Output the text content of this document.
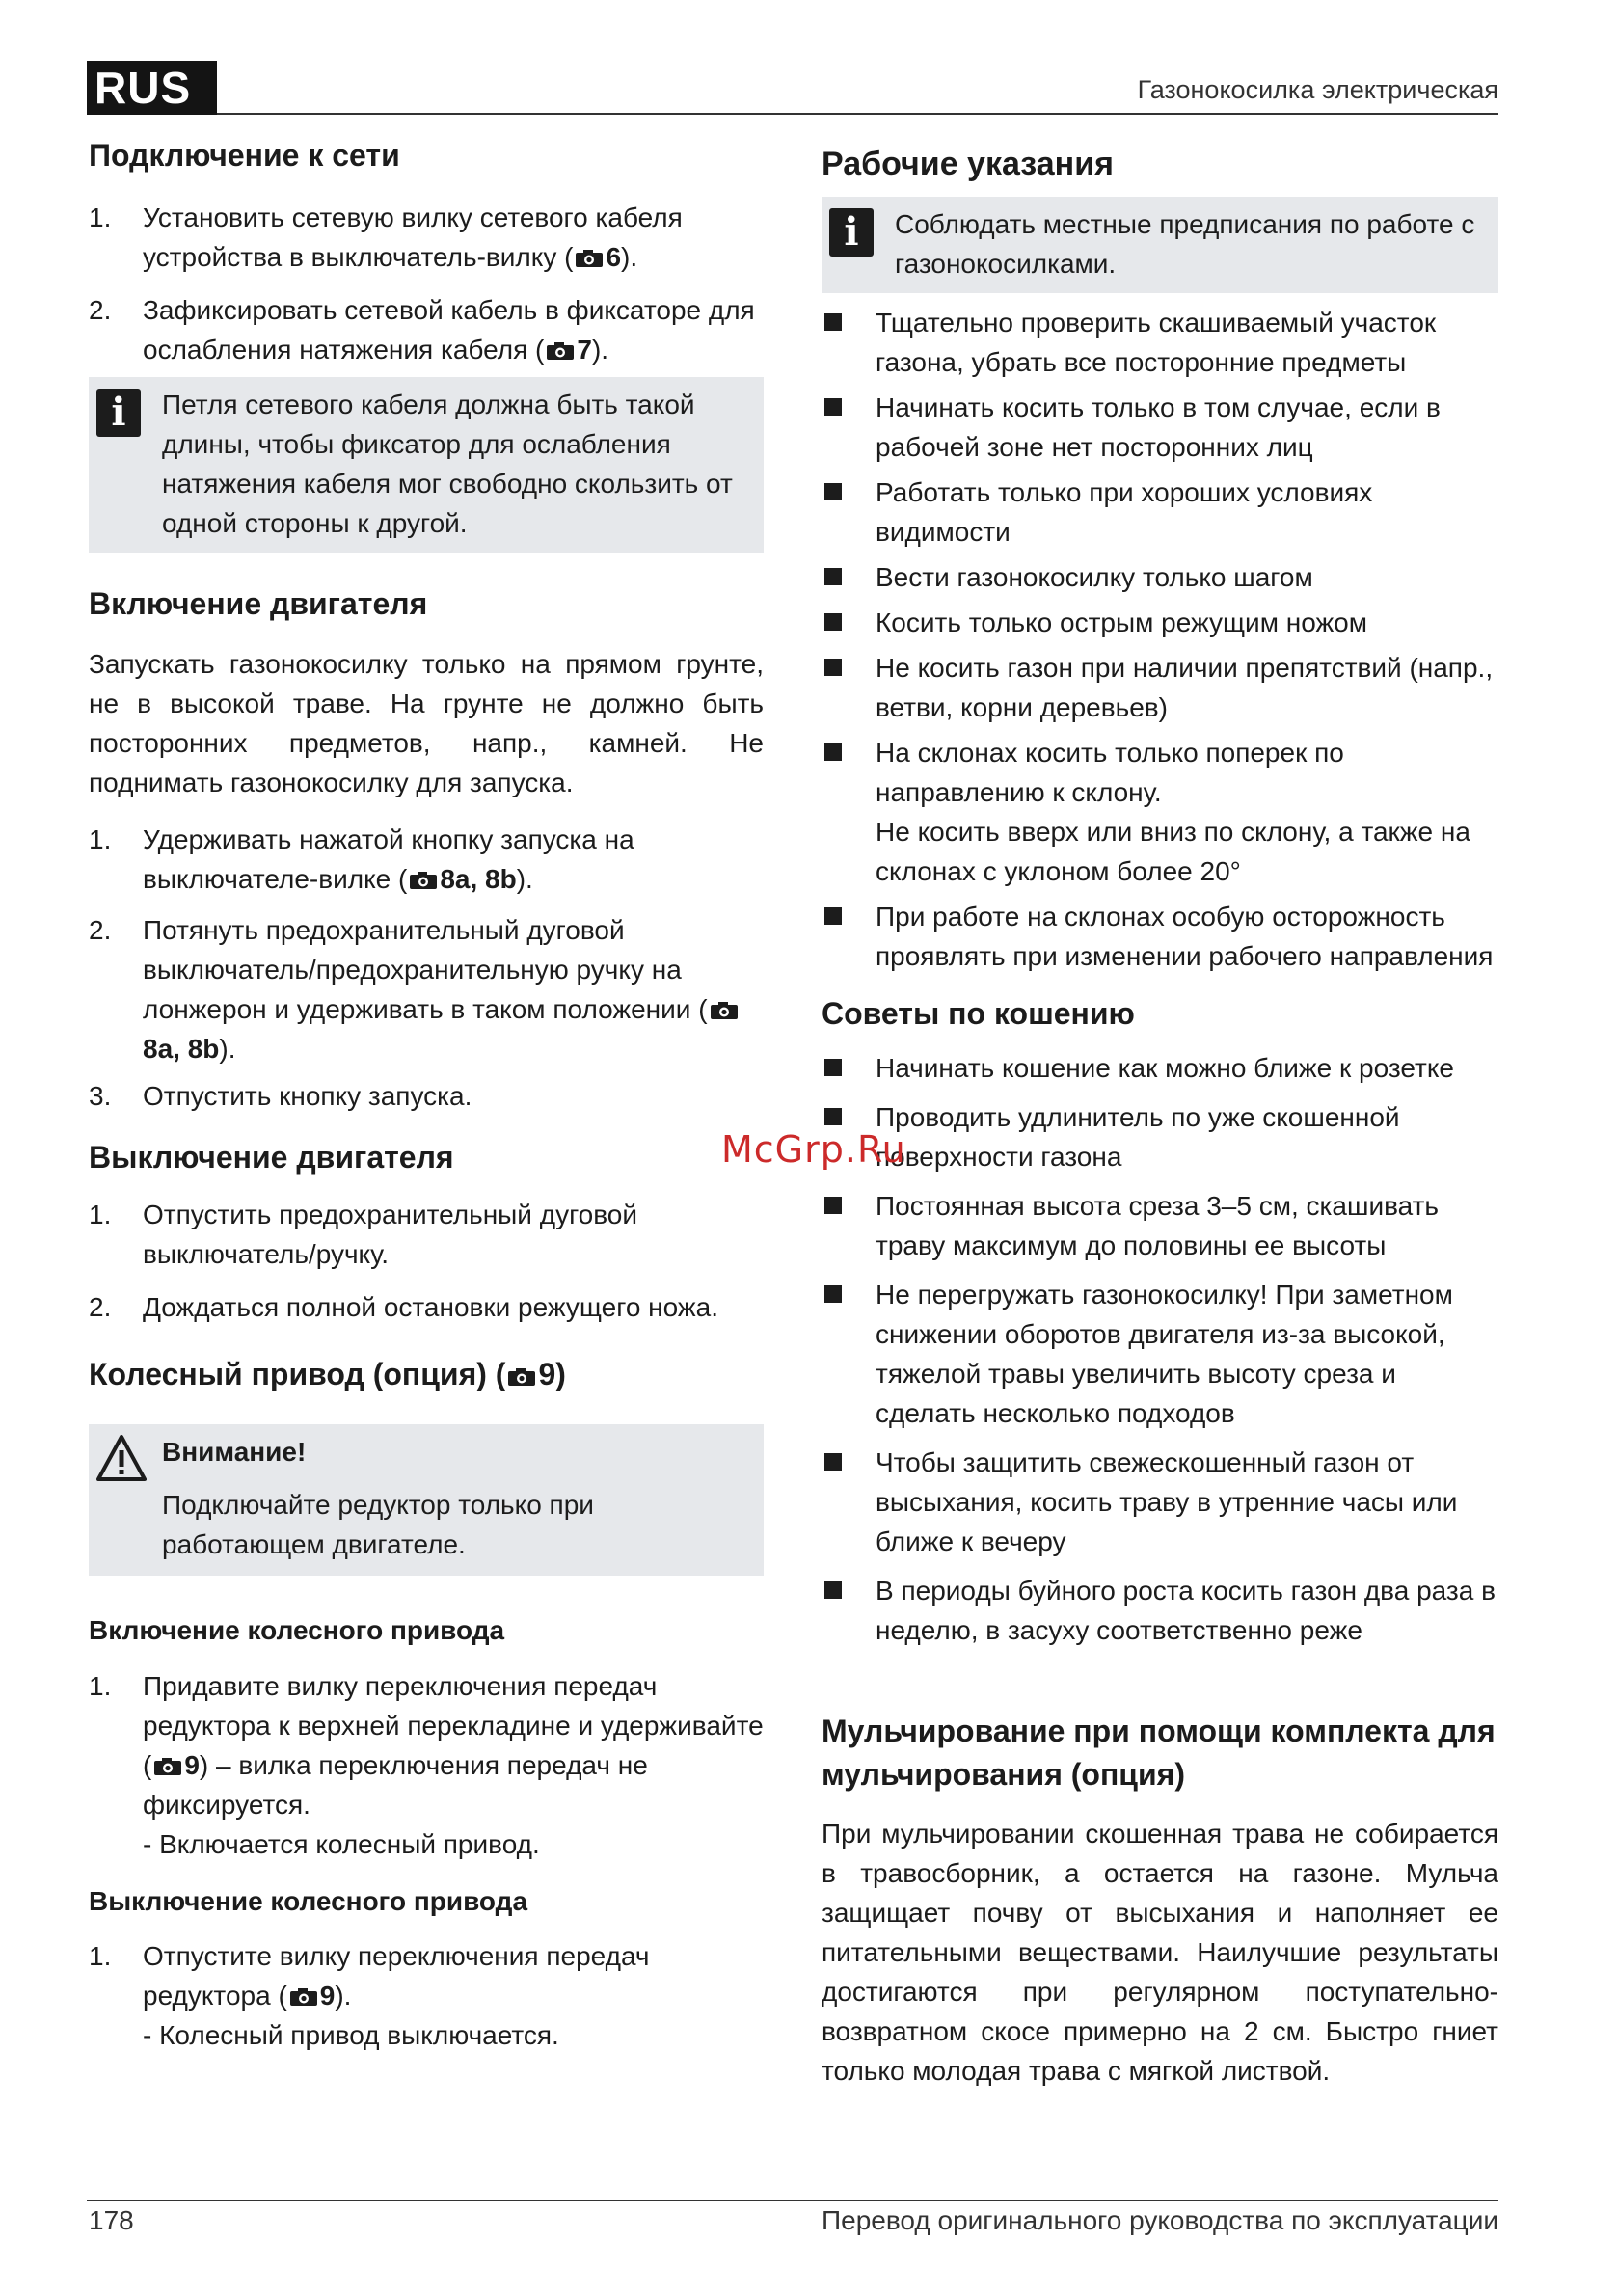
RUS	Газонокосилка электрическая
Подключение к сети
1. Установить сетевую вилку сетевого кабеля устройства в выключатель-вилку ( 6).
2. Зафиксировать сетевой кабель в фиксаторе для ослабления натяжения кабеля ( 7).
i	Петля сетевого кабеля должна быть такой длины, чтобы фиксатор для ослабления натяжения кабеля мог свободно скользить от одной стороны к другой.
Включение двигателя

Запускать газонокосилку только на прямом грунте, не в высокой траве. На грунте не должно быть посторонних предметов, напр., камней. Не поднимать газонокосилку для запуска.

1. Удерживать нажатой кнопку запуска на выключателе-вилке ( 8a, 8b).
2. Потянуть предохранительный дуговой выключатель/предохранительную ручку на лонжерон и удерживать в таком положении (8a, 8b).
3. Отпустить кнопку запуска.
Выключение двигателя
1. Отпустить предохранительный дуговой выключатель/ручку.
2. Дождаться полной остановки режущего ножа.
Колесный привод (опция) ( 9)
Внимание!
Подключайте редуктор только при работающем двигателе.
Включение колесного привода
1. Придавите вилку переключения передач редуктора к верхней перекладине и удерживайте ( 9) – вилка переключения передач не фиксируется.
- Включается колесный привод.
Выключение колесного привода
1. Отпустите вилку переключения передач редуктора ( 9).
- Колесный привод выключается.
Рабочие указания
i	Соблюдать местные предписания по работе с газонокосилками.
Тщательно проверить скашиваемый участок газона, убрать все посторонние предметы
Начинать косить только в том случае, если в рабочей зоне нет посторонних лиц
Работать только при хороших условиях видимости
Вести газонокосилку только шагом
Косить только острым режущим ножом
Не косить газон при наличии препятствий (напр., ветви, корни деревьев)
На склонах косить только поперек по направлению к склону.
Не косить вверх или вниз по склону, а также на склонах с уклоном более 20°
При работе на склонах особую осторожность проявлять при изменении рабочего направления
Советы по кошению
Начинать кошение как можно ближе к розетке
Проводить удлинитель по уже скошенной поверхности газона
Постоянная высота среза 3–5 см, скашивать траву максимум до половины ее высоты
Не перегружать газонокосилку! При заметном снижении оборотов двигателя из-за высокой, тяжелой травы увеличить высоту среза и сделать несколько подходов
Чтобы защитить свежескошенный газон от высыхания, косить траву в утренние часы или ближе к вечеру
В периоды буйного роста косить газон два раза в неделю, в засуху соответственно реже
Мульчирование при помощи комплекта для мульчирования (опция)

При мульчировании скошенная трава не собирается в травосборник, а остается на газоне. Мульча защищает почву от высыхания и наполняет ее питательными веществами. Наилучшие результаты достигаются при регулярном поступательно-возвратном скосе примерно на 2 см. Быстро гниет только молодая трава с мягкой листвой.

McGrp.Ru
178	Перевод оригинального руководства по эксплуатации
